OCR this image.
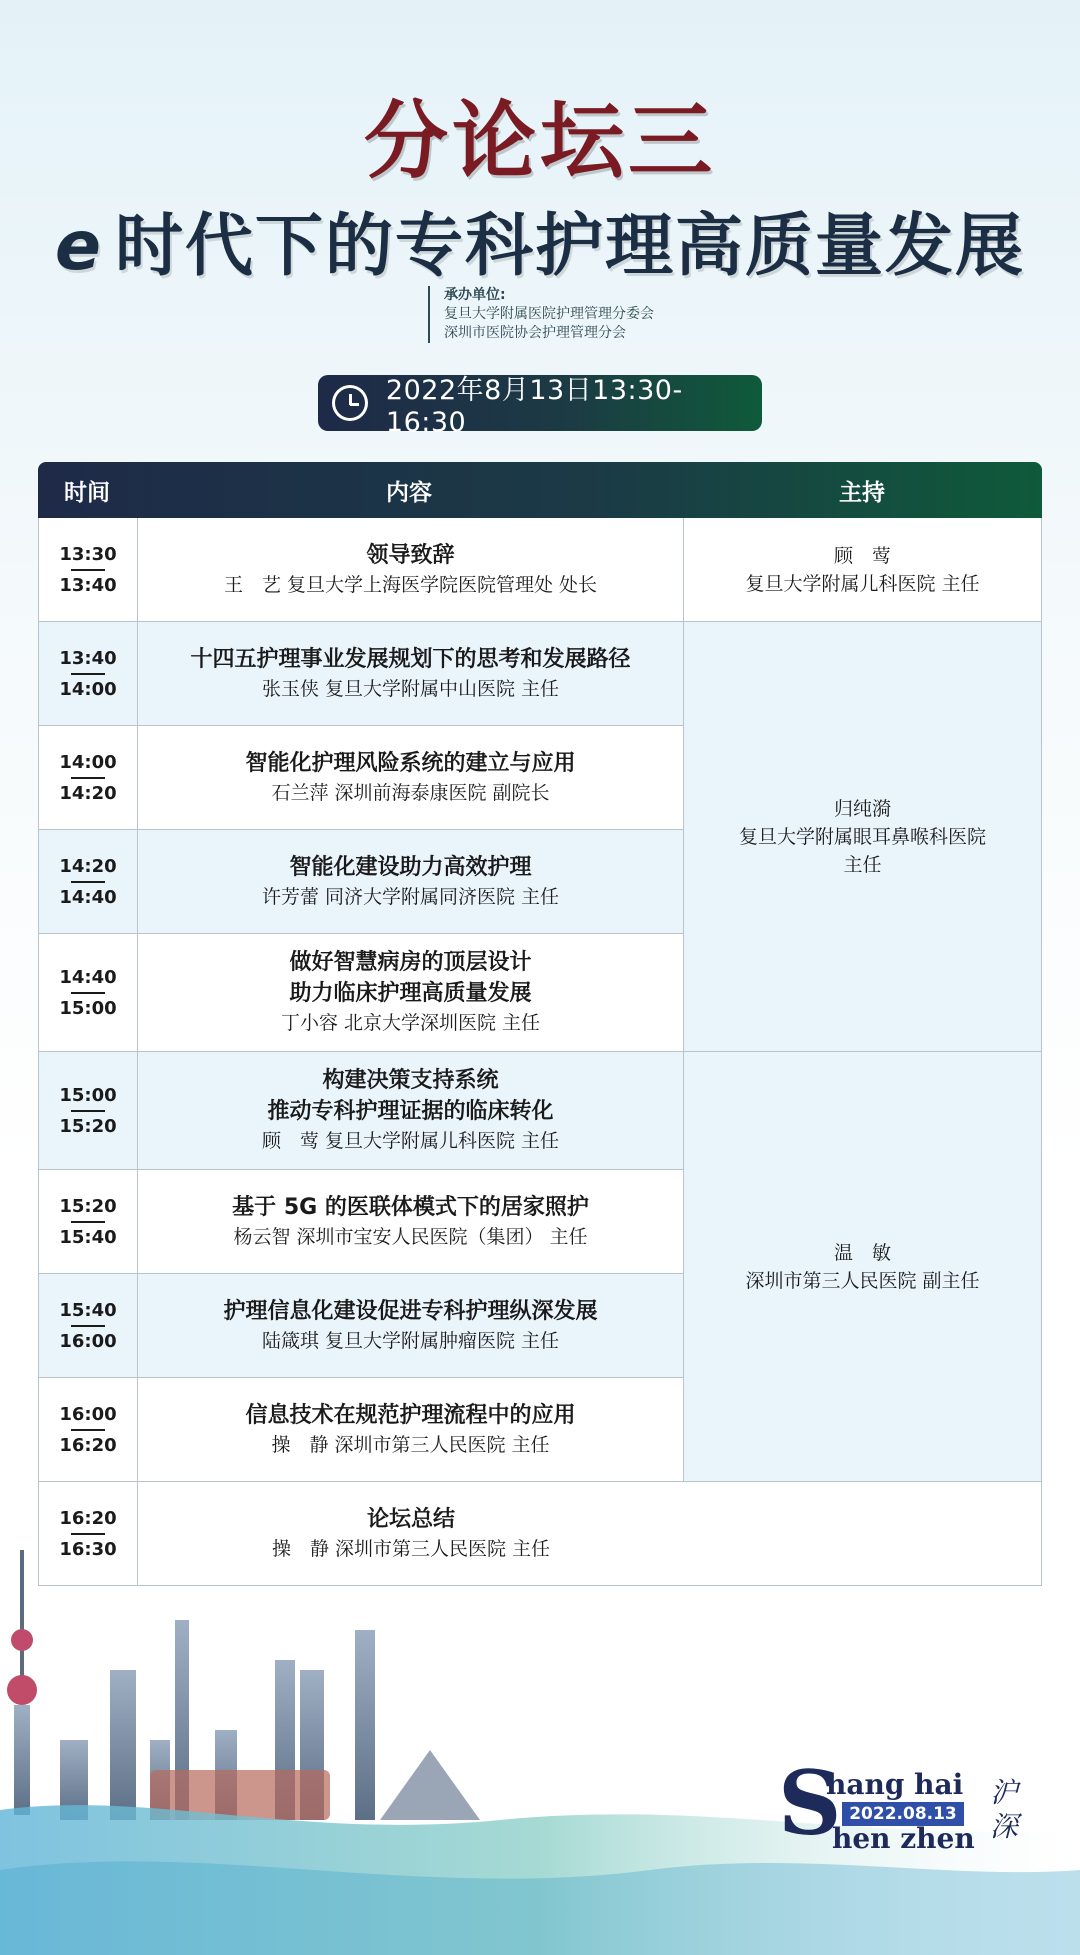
分论坛三
e 时代下的专科护理高质量发展
承办单位:
复旦大学附属医院护理管理分委会
深圳市医院协会护理管理分会
2022年8月13日13:30-16:30
时间	内容	主持
13:30
13:40
领导致辞
王　艺 复旦大学上海医学院医院管理处 处长
13:40
14:00
十四五护理事业发展规划下的思考和发展路径
张玉侠 复旦大学附属中山医院 主任
14:00
14:20
智能化护理风险系统的建立与应用
石兰萍 深圳前海泰康医院 副院长
14:20
14:40
智能化建设助力高效护理
许芳蕾 同济大学附属同济医院 主任
14:40
15:00
做好智慧病房的顶层设计
助力临床护理高质量发展
丁小容 北京大学深圳医院 主任
15:00
15:20
构建决策支持系统
推动专科护理证据的临床转化
顾　莺 复旦大学附属儿科医院 主任
15:20
15:40
基于 5G 的医联体模式下的居家照护
杨云智 深圳市宝安人民医院（集团） 主任
15:40
16:00
护理信息化建设促进专科护理纵深发展
陆箴琪 复旦大学附属肿瘤医院 主任
16:00
16:20
信息技术在规范护理流程中的应用
操　静 深圳市第三人民医院 主任
16:20
16:30
论坛总结
操　静 深圳市第三人民医院 主任
顾　莺
复旦大学附属儿科医院 主任
归纯漪
复旦大学附属眼耳鼻喉科医院
主任
温　敏
深圳市第三人民医院 副主任
S
hang hai
2022.08.13
hen zhen
沪深
